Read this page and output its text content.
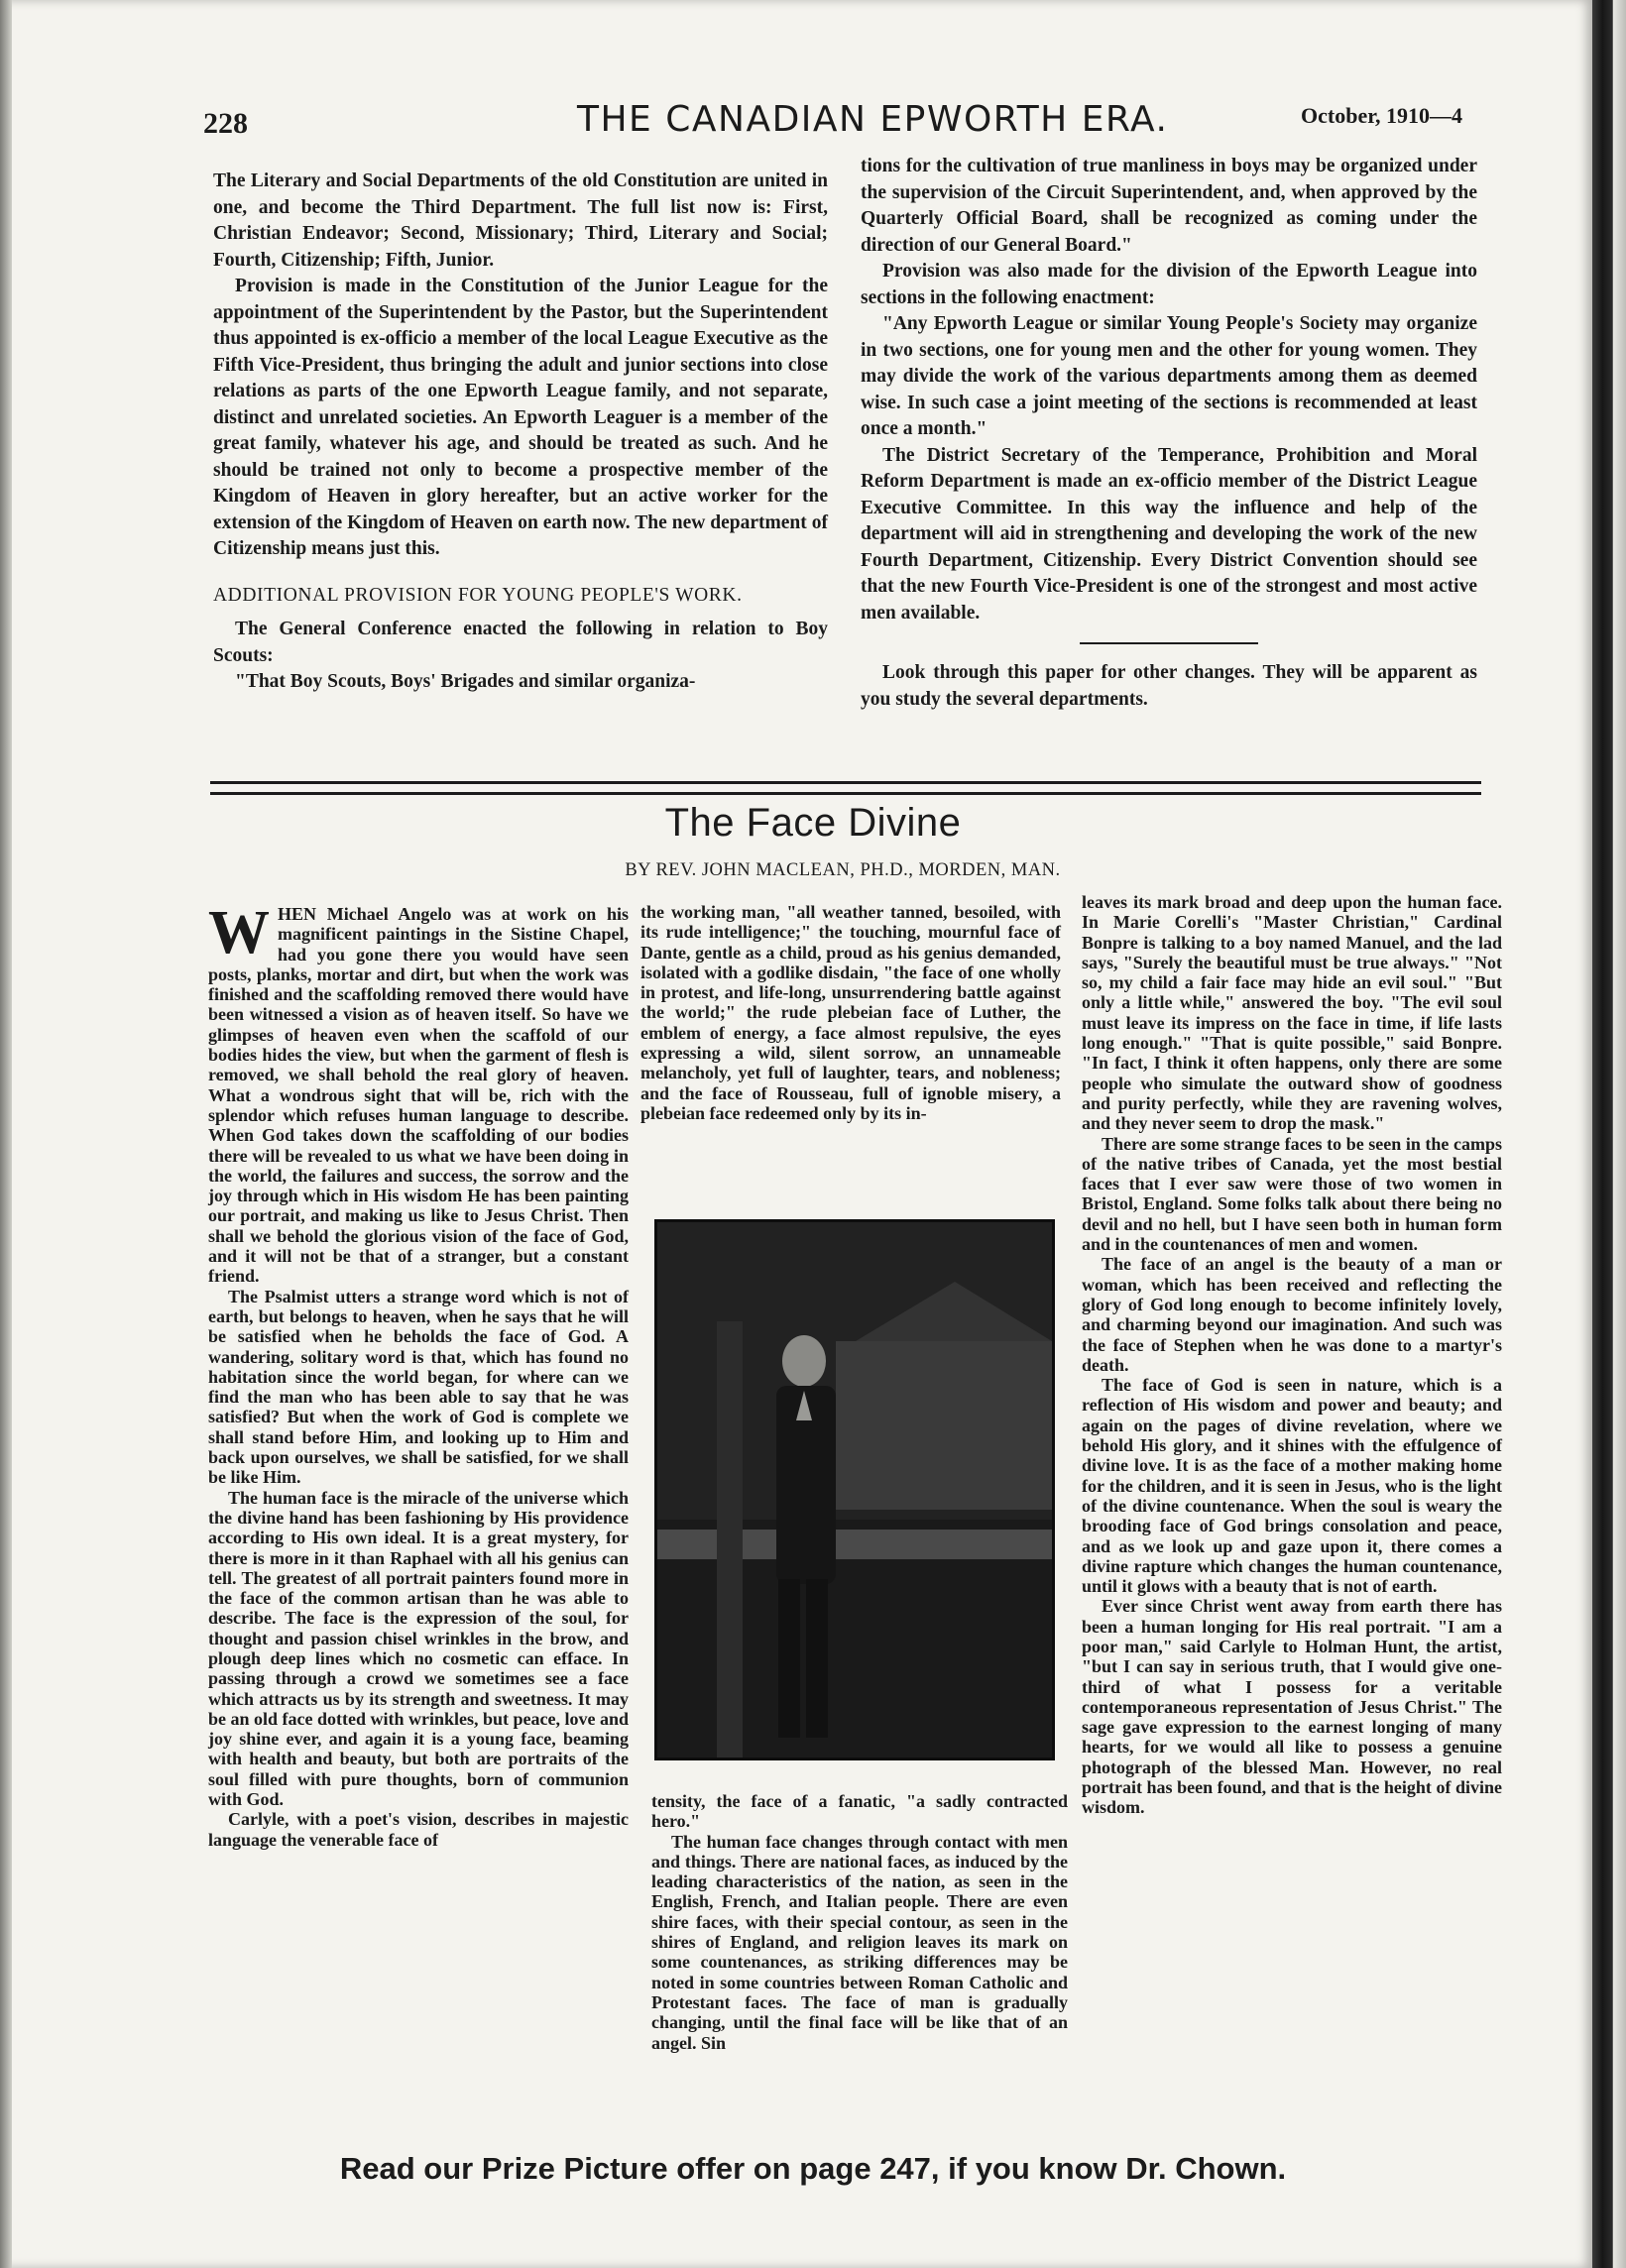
228	THE CANADIAN EPWORTH ERA.	October, 1910—4

The Literary and Social Departments of the old Constitution are united in one, and become the Third Department. The full list now is: First, Christian Endeavor; Second, Missionary; Third, Literary and Social; Fourth, Citizenship; Fifth, Junior.

Provision is made in the Constitution of the Junior League for the appointment of the Superintendent by the Pastor, but the Superintendent thus appointed is ex-officio a member of the local League Executive as the Fifth Vice-President, thus bringing the adult and junior sections into close relations as parts of the one Epworth League family, and not separate, distinct and unrelated societies. An Epworth Leaguer is a member of the great family, whatever his age, and should be treated as such. And he should be trained not only to become a prospective member of the Kingdom of Heaven in glory hereafter, but an active worker for the extension of the Kingdom of Heaven on earth now. The new department of Citizenship means just this.

ADDITIONAL PROVISION FOR YOUNG PEOPLE'S WORK.

The General Conference enacted the following in relation to Boy Scouts:

"That Boy Scouts, Boys' Brigades and similar organiza-

tions for the cultivation of true manliness in boys may be organized under the supervision of the Circuit Superintendent, and, when approved by the Quarterly Official Board, shall be recognized as coming under the direction of our General Board."

Provision was also made for the division of the Epworth League into sections in the following enactment:

"Any Epworth League or similar Young People's Society may organize in two sections, one for young men and the other for young women. They may divide the work of the various departments among them as deemed wise. In such case a joint meeting of the sections is recommended at least once a month."

The District Secretary of the Temperance, Prohibition and Moral Reform Department is made an ex-officio member of the District League Executive Committee. In this way the influence and help of the department will aid in strengthening and developing the work of the new Fourth Department, Citizenship. Every District Convention should see that the new Fourth Vice-President is one of the strongest and most active men available.

Look through this paper for other changes. They will be apparent as you study the several departments.

The Face Divine
BY REV. JOHN MACLEAN, PH.D., MORDEN, MAN.

WHEN Michael Angelo was at work on his magnificent paintings in the Sistine Chapel, had you gone there you would have seen posts, planks, mortar and dirt, but when the work was finished and the scaffolding removed there would have been witnessed a vision as of heaven itself. So have we glimpses of heaven even when the scaffold of our bodies hides the view, but when the garment of flesh is removed, we shall behold the real glory of heaven. What a wondrous sight that will be, rich with the splendor which refuses human language to describe. When God takes down the scaffolding of our bodies there will be revealed to us what we have been doing in the world, the failures and success, the sorrow and the joy through which in His wisdom He has been painting our portrait, and making us like to Jesus Christ. Then shall we behold the glorious vision of the face of God, and it will not be that of a stranger, but a constant friend.

The Psalmist utters a strange word which is not of earth, but belongs to heaven, when he says that he will be satisfied when he beholds the face of God. A wandering, solitary word is that, which has found no habitation since the world began, for where can we find the man who has been able to say that he was satisfied? But when the work of God is complete we shall stand before Him, and looking up to Him and back upon ourselves, we shall be satisfied, for we shall be like Him.

The human face is the miracle of the universe which the divine hand has been fashioning by His providence according to His own ideal. It is a great mystery, for there is more in it than Raphael with all his genius can tell. The greatest of all portrait painters found more in the face of the common artisan than he was able to describe. The face is the expression of the soul, for thought and passion chisel wrinkles in the brow, and plough deep lines which no cosmetic can efface. In passing through a crowd we sometimes see a face which attracts us by its strength and sweetness. It may be an old face dotted with wrinkles, but peace, love and joy shine ever, and again it is a young face, beaming with health and beauty, but both are portraits of the soul filled with pure thoughts, born of communion with God.

Carlyle, with a poet's vision, describes in majestic language the venerable face of

the working man, "all weather tanned, besoiled, with its rude intelligence;" the touching, mournful face of Dante, gentle as a child, proud as his genius demanded, isolated with a godlike disdain, "the face of one wholly in protest, and life-long, unsurrendering battle against the world;" the rude plebeian face of Luther, the emblem of energy, a face almost repulsive, the eyes expressing a wild, silent sorrow, an unnameable melancholy, yet full of laughter, tears, and nobleness; and the face of Rousseau, full of ignoble misery, a plebeian face redeemed only by its in-

tensity, the face of a fanatic, "a sadly contracted hero."

The human face changes through contact with men and things. There are national faces, as induced by the leading characteristics of the nation, as seen in the English, French, and Italian people. There are even shire faces, with their special contour, as seen in the shires of England, and religion leaves its mark on some countenances, as striking differences may be noted in some countries between Roman Catholic and Protestant faces. The face of man is gradually changing, until the final face will be like that of an angel. Sin

leaves its mark broad and deep upon the human face. In Marie Corelli's "Master Christian," Cardinal Bonpre is talking to a boy named Manuel, and the lad says, "Surely the beautiful must be true always." "Not so, my child a fair face may hide an evil soul." "But only a little while," answered the boy. "The evil soul must leave its impress on the face in time, if life lasts long enough." "That is quite possible," said Bonpre. "In fact, I think it often happens, only there are some people who simulate the outward show of goodness and purity perfectly, while they are ravening wolves, and they never seem to drop the mask."

There are some strange faces to be seen in the camps of the native tribes of Canada, yet the most bestial faces that I ever saw were those of two women in Bristol, England. Some folks talk about there being no devil and no hell, but I have seen both in human form and in the countenances of men and women.

The face of an angel is the beauty of a man or woman, which has been received and reflecting the glory of God long enough to become infinitely lovely, and charming beyond our imagination. And such was the face of Stephen when he was done to a martyr's death.

The face of God is seen in nature, which is a reflection of His wisdom and power and beauty; and again on the pages of divine revelation, where we behold His glory, and it shines with the effulgence of divine love. It is as the face of a mother making home for the children, and it is seen in Jesus, who is the light of the divine countenance. When the soul is weary the brooding face of God brings consolation and peace, and as we look up and gaze upon it, there comes a divine rapture which changes the human countenance, until it glows with a beauty that is not of earth.

Ever since Christ went away from earth there has been a human longing for His real portrait. "I am a poor man," said Carlyle to Holman Hunt, the artist, "but I can say in serious truth, that I would give one-third of what I possess for a veritable contemporaneous representation of Jesus Christ." The sage gave expression to the earnest longing of many hearts, for we would all like to possess a genuine photograph of the blessed Man. However, no real portrait has been found, and that is the height of divine wisdom.

Read our Prize Picture offer on page 247, if you know Dr. Chown.
